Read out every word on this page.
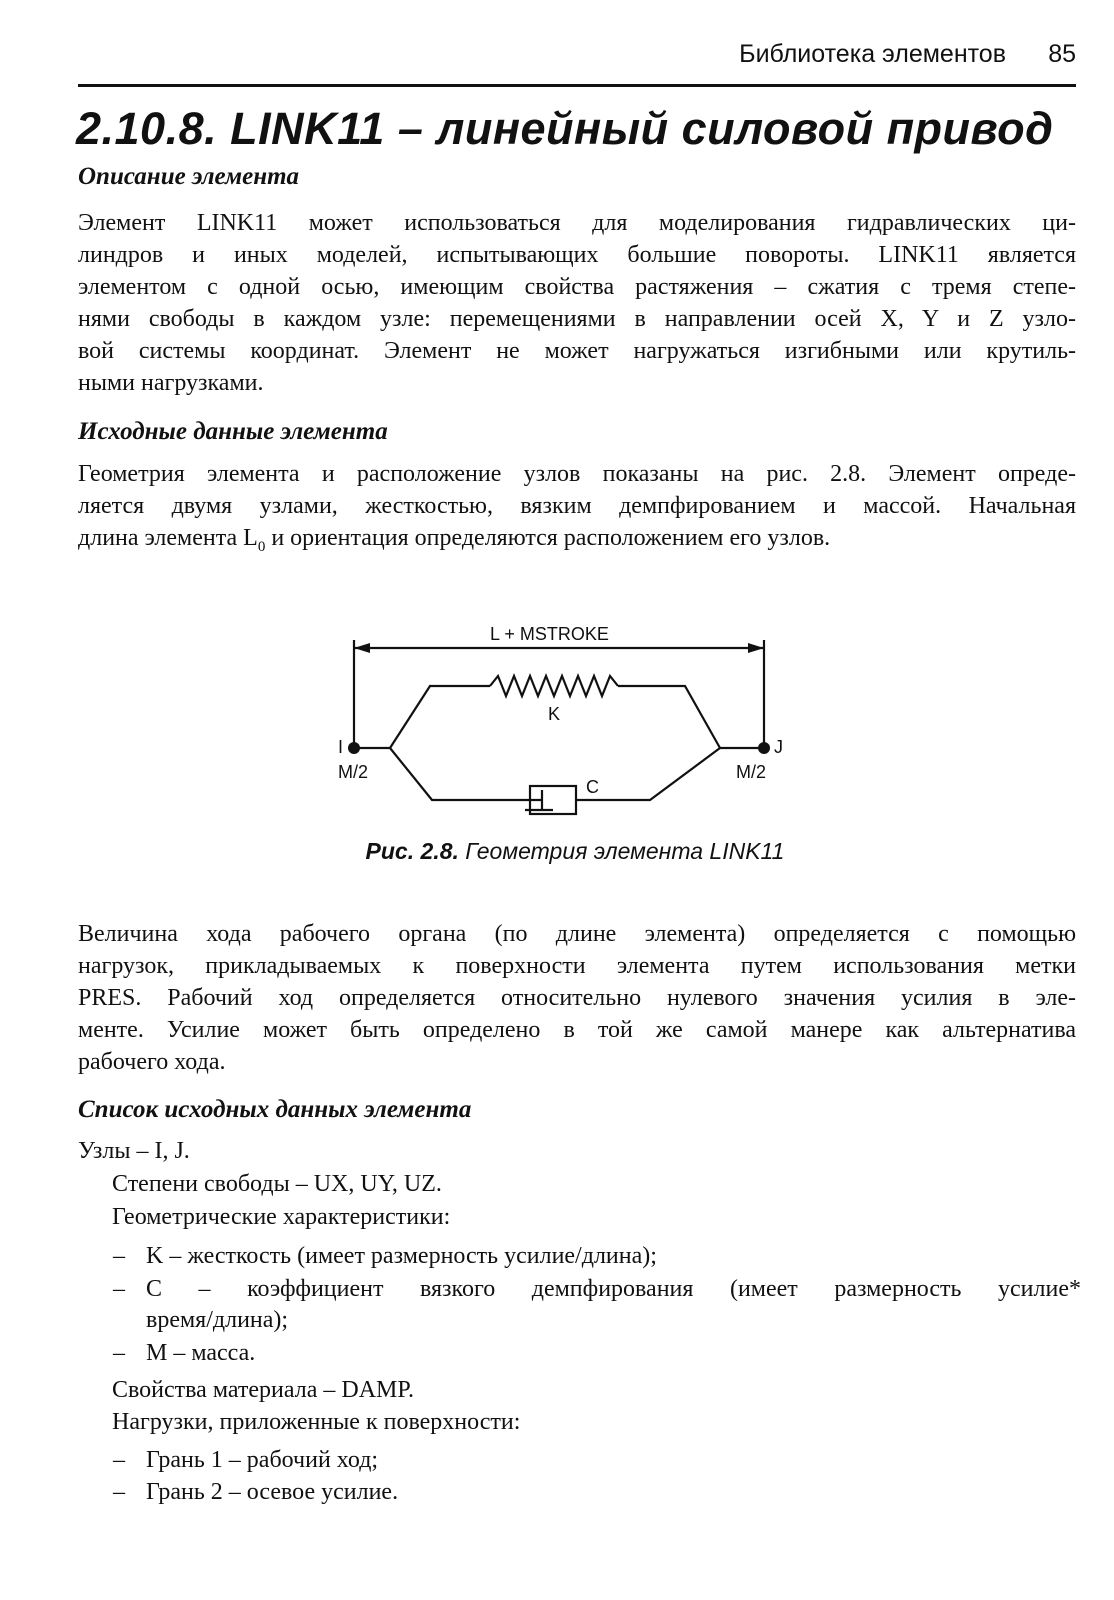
Библиотека элементов 85
2.10.8. LINK11 – линейный силовой привод
Описание элемента
Элемент LINK11 может использоваться для моделирования гидравлических ци-
линдров и иных моделей, испытывающих большие повороты. LINK11 является
элементом с одной осью, имеющим свойства растяжения – сжатия с тремя степе-
нями свободы в каждом узле: перемещениями в направлении осей X, Y и Z узло-
вой системы координат. Элемент не может нагружаться изгибными или крутиль-
ными нагрузками.
Исходные данные элемента
Геометрия элемента и расположение узлов показаны на рис. 2.8. Элемент опреде-
ляется двумя узлами, жесткостью, вязким демпфированием и массой. Начальная
длина элемента $L_0$ и ориентация определяются расположением его узлов.
L + MSTROKE
K
C
I	J
M/2	M/2
Рис. 2.8. Геометрия элемента LINK11
Величина хода рабочего органа (по длине элемента) определяется с помощью
нагрузок, прикладываемых к поверхности элемента путем использования метки
PRES. Рабочий ход определяется относительно нулевого значения усилия в эле-
менте. Усилие может быть определено в той же самой манере как альтернатива
рабочего хода.
Список исходных данных элемента
Узлы – I, J.
Степени свободы – UX, UY, UZ.
Геометрические характеристики:
– K – жесткость (имеет размерность усилие/длина);
– C – коэффициент вязкого демпфирования (имеет размерность усилие*
время/длина);
– M – масса.
Свойства материала – DAMP.
Нагрузки, приложенные к поверхности:
– Грань 1 – рабочий ход;
– Грань 2 – осевое усилие.
